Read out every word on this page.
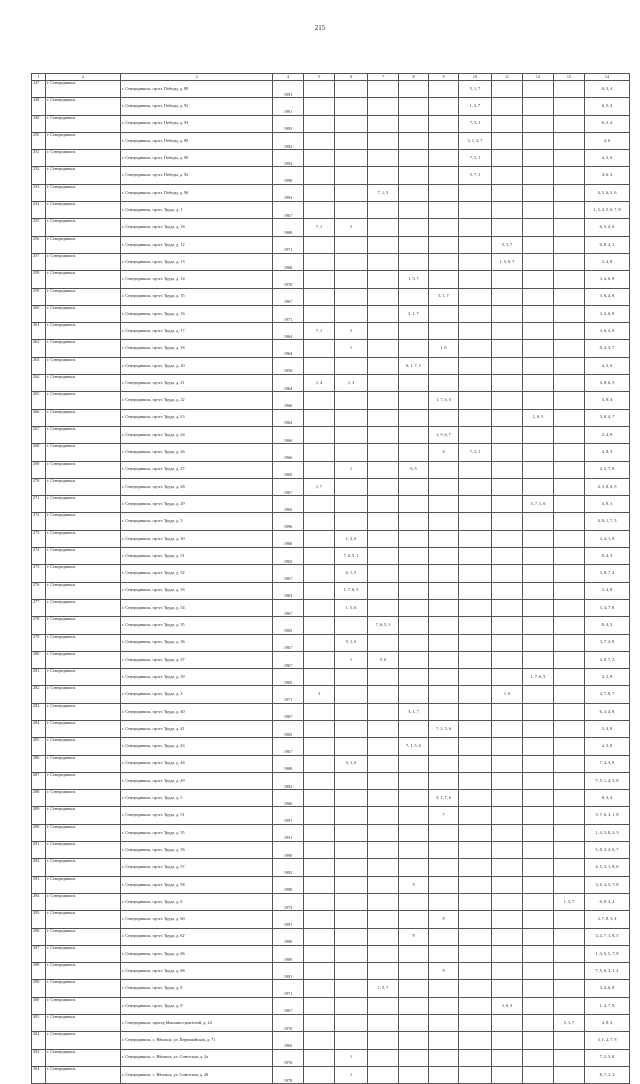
215
1	2	3	4	5	6	7	8	9	10	11	12	13	14
247	г. Северодвинск	г. Северодвинск, пр-кт. Победы, д. 89	1991						5, 1, 7				6, 3, 4
248	г. Северодвинск	г. Северодвинск, пр-кт. Победы, д. 92	1991						1, 3, 7				6, 5, 4
249	г. Северодвинск	г. Северодвинск, пр-кт. Победы, д. 94	1993						7, 5, 1				6, 3, 4
250	г. Северодвинск	г. Северодвинск, пр-кт. Победы, д. 89	1992						5, 1, 3, 7				4, 6
251	г. Северодвинск	г. Северодвинск, пр-кт. Победы, д. 90	1994						7, 5, 1				4, 3, 6
252	г. Северодвинск	г. Северодвинск, пр-кт. Победы, д. 92	1998						5, 7, 1				4, 6, 3
253	г. Северодвинск	г. Северодвинск, пр-кт. Победы, д. 96	1994			7, 1, 5							4, 5, 6, 3, 6
254	г. Северодвинск	г. Северодвинск, пр-кт. Труда, д. 1	1967										1, 3, 4, 5, 6, 7, 8
255	г. Северодвинск	г. Северодвинск, пр-кт. Труда, д. 18	1968	7, 1	5								6, 5, 4, 6
256	г. Северодвинск	г. Северодвинск, пр-кт. Труда, д. 12	1971							5, 1, 7			6, 8, 4, 3
257	г. Северодвинск	г. Северодвинск, пр-кт. Труда, д. 13	1968							1, 5, 6, 7			3, 4, 8
258	г. Северодвинск	г. Северодвинск, пр-кт. Труда, д. 14	1970				1, 5, 7						3, 4, 6, 8
259	г. Северодвинск	г. Северодвинск, пр-кт. Труда, д. 15	1967					5, 1, 7					3, 6, 4, 8
260	г. Северодвинск	г. Северодвинск, пр-кт. Труда, д. 16	1971				5, 1, 7						3, 4, 6, 8
261	г. Северодвинск	г. Северодвинск, пр-кт. Труда, д. 17	1964	7, 1	5								3, 6, 4, 8
262	г. Северодвинск	г. Северодвинск, пр-кт. Труда, д. 18	1964		1			1, 6					8, 4, 3, 7
263	г. Северодвинск	г. Северодвинск, пр-кт. Труда, д. 20	1956				6, 1, 7, 5						4, 3, 6
264	г. Северодвинск	г. Северодвинск, пр-кт. Труда, д. 21	1964	1, 4	1, 3								4, 8, 6, 5
265	г. Северодвинск	г. Северодвинск, пр-кт. Труда, д. 22	1966					1, 7, 6, 5					3, 8, 4
266	г. Северодвинск	г. Северодвинск, пр-кт. Труда, д. 23	1964								1, 6, 5		3, 8, 4, 7
267	г. Северодвинск	г. Северодвинск, пр-кт. Труда, д. 24	1966					1, 5, 6, 7					3, 4, 8
268	г. Северодвинск	г. Северодвинск, пр-кт. Труда, д. 26	1966					6	7, 3, 1				4, 8, 3
269	г. Северодвинск	г. Северодвинск, пр-кт. Труда, д. 27	1965		1		6, 5						4, 3, 7, 8
270	г. Северодвинск	г. Северодвинск, пр-кт. Труда, д. 28	1967	1, 7									4, 3, 8, 6, 5
271	г. Северодвинск	г. Северодвинск, пр-кт. Труда, д. 29	1965								5, 7, 1, 6		4, 8, 3
272	г. Северодвинск	г. Северодвинск, пр-кт. Труда, д. 3	1996										4, 8, 1, 7, 5
273	г. Северодвинск	г. Северодвинск, пр-кт. Труда, д. 30	1968		1, 3, 6								3, 4, 1, 8
274	г. Северодвинск	г. Северодвинск, пр-кт. Труда, д. 31	1965		7, 6, 5, 1								8, 4, 3
275	г. Северодвинск	г. Северодвинск, пр-кт. Труда, д. 32	1967		6, 1, 5								3, 8, 7, 4
276	г. Северодвинск	г. Северодвинск, пр-кт. Труда, д. 33	1963		1, 7, 6, 5								3, 4, 8
277	г. Северодвинск	г. Северодвинск, пр-кт. Труда, д. 34	1967		1, 5, 6								3, 4, 7, 8
278	г. Северодвинск	г. Северодвинск, пр-кт. Труда, д. 35	1965			7, 6, 5, 1							8, 4, 3
279	г. Северодвинск	г. Северодвинск, пр-кт. Труда, д. 36	1967		5, 1, 6								3, 7, 4, 8
280	г. Северодвинск	г. Северодвинск, пр-кт. Труда, д. 37	1967		1	5, 6							4, 8, 7, 3
281	г. Северодвинск	г. Северодвинск, пр-кт. Труда, д. 39	1965								1, 7, 6, 5		4, 3, 8
282	г. Северодвинск	г. Северодвинск, пр-кт. Труда, д. 4	1971	3						1, 6			4, 7, 8, 7
283	г. Северодвинск	г. Северодвинск, пр-кт. Труда, д. 40	1967				3, 1, 7						6, 3, 4, 8
284	г. Северодвинск	г. Северодвинск, пр-кт. Труда, д. 41	1965					7, 1, 5, 6					3, 4, 8
285	г. Северодвинск	г. Северодвинск, пр-кт. Труда, д. 43	1967				7, 1, 5, 6						4, 3, 8
286	г. Северодвинск	г. Северодвинск, пр-кт. Труда, д. 44	1968		5, 1, 6								7, 4, 3, 8
287	г. Северодвинск	г. Северодвинск, пр-кт. Труда, д. 49	1892										7, 5, 1, 4, 5, 8
288	г. Северодвинск	г. Северодвинск, пр-кт. Труда, д. 5	1966					5, 1, 7, 6					8, 3, 4
289	г. Северодвинск	г. Северодвинск, пр-кт. Труда, д. 51	1991					7					5, 7, 6, 3, 1, 8
290	г. Северодвинск	г. Северодвинск, пр-кт. Труда, д. 55	1951										1, 4, 5, 8, 2, 3
291	г. Северодвинск	г. Северодвинск, пр-кт. Труда, д. 56	1990										5, 8, 3, 4, 6, 7
292	г. Северодвинск	г. Северодвинск, пр-кт. Труда, д. 57	1992										4, 5, 3, 1, 8, 6
293	г. Северодвинск	г. Северодвинск, пр-кт. Труда, д. 58	1990				9						3, 6, 4, 5, 7, 8
294	г. Северодвинск	г. Северодвинск, пр-кт. Труда, д. 6	1973									1, 5, 7	6, 8, 3, 4
295	г. Северодвинск	г. Северодвинск, пр-кт. Труда, д. 60	1991					9					3, 7, 8, 3, 4
296	г. Северодвинск	г. Северодвинск, пр-кт. Труда, д. 62	1990				9						3, 4, 7, 1, 8, 5
297	г. Северодвинск	г. Северодвинск, пр-кт. Труда, д. 66	1989										1, 3, 6, 5, 7, 8
298	г. Северодвинск	г. Северодвинск, пр-кт. Труда, д. 68	1991					9					7, 5, 6, 3, 1, 4
299	г. Северодвинск	г. Северодвинск, пр-кт. Труда, д. 8	1971			1, 5, 7							3, 4, 6, 8
300	г. Северодвинск	г. Северодвинск, пр-кт. Труда, д. 9	1967							3, 6, 5			1, 4, 7, 8
301	г. Северодвинск	г. Северодвинск, проезд Машиностроителей, д. 24	1970									5, 1, 7	4, 8, 3
302	г. Северодвинск	г. Северодвинск, с. Нёнокса, ул. Первомайская, д. 71	1965										3, 1, 2, 7, 8
303	г. Северодвинск	г. Северодвинск, с. Нёнокса, ул. Советская, д. 2а	1976		1								7, 2, 3, 8
304	г. Северодвинск	г. Северодвинск, с. Нёнокса, ул. Советская, д. 28	1978		1								8, 7, 3, 2
